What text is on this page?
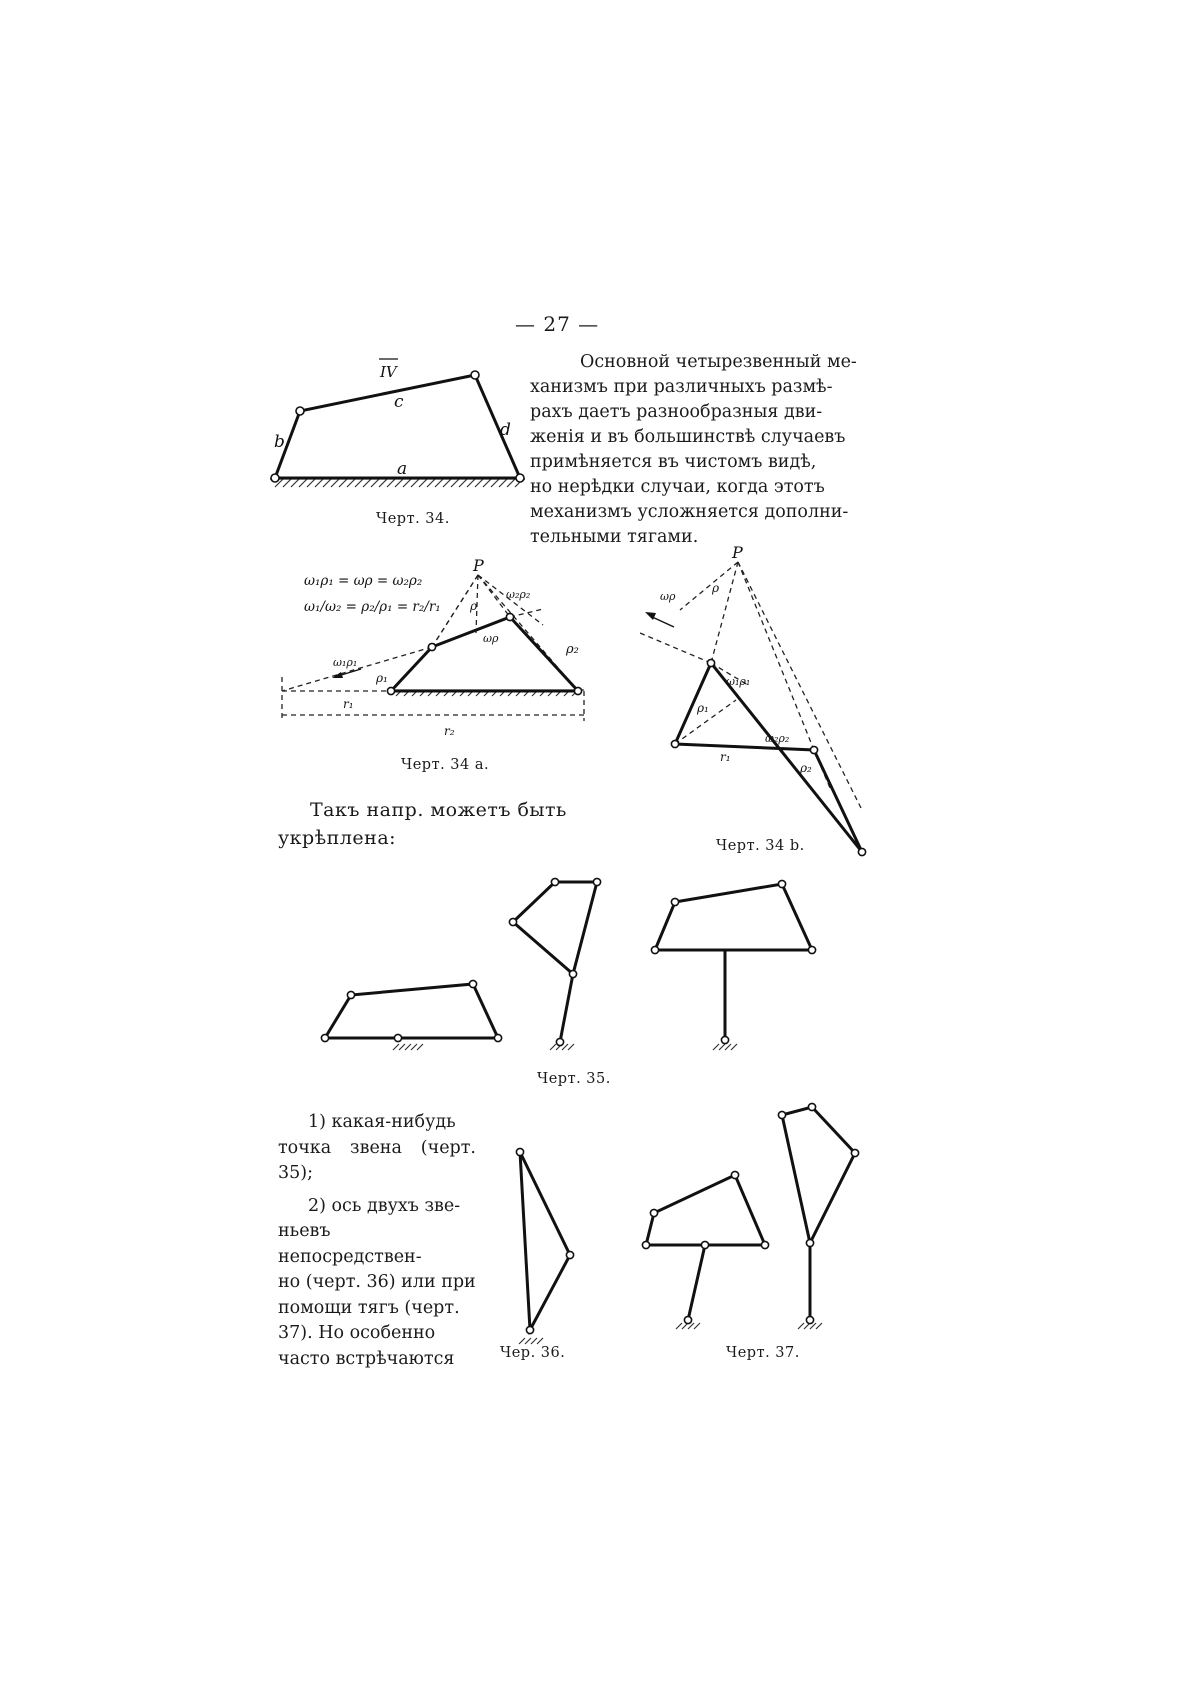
— 27 —
Основной четырезвенный ме-
ханизмъ при различныхъ размѣ-
рахъ даетъ разнообразныя дви-
женія и въ большинствѣ случаевъ
примѣняется въ чистомъ видѣ,
но нерѣдки случаи, когда этотъ
механизмъ усложняется дополни-
тельными тягами.
IV
c
b
d
a
Черт. 34.
ω₁ρ₁ = ωρ = ω₂ρ₂
ω₁/ω₂ = ρ₂/ρ₁ = r₂/r₁
P
ρ
ω₂ρ₂
ωρ
ρ₂
ω₁ρ₁
ρ₁
r₁
r₂
Черт. 34 a.
P
ρ
ωρ
ω₁ρ₁
ρ₁
ω₂ρ₂
ρ₂
r₁
Черт. 34 b.
Такъ напр. можетъ быть
укрѣплена:
Черт. 35.
1) какая-нибудь
точка звена (черт. 35);
2) ось двухъ зве-
ньевъ непосредствен-
но (черт. 36) или при
помощи тягъ (черт.
37). Но особенно
часто встрѣчаются	Чер. 36.	Черт. 37.
